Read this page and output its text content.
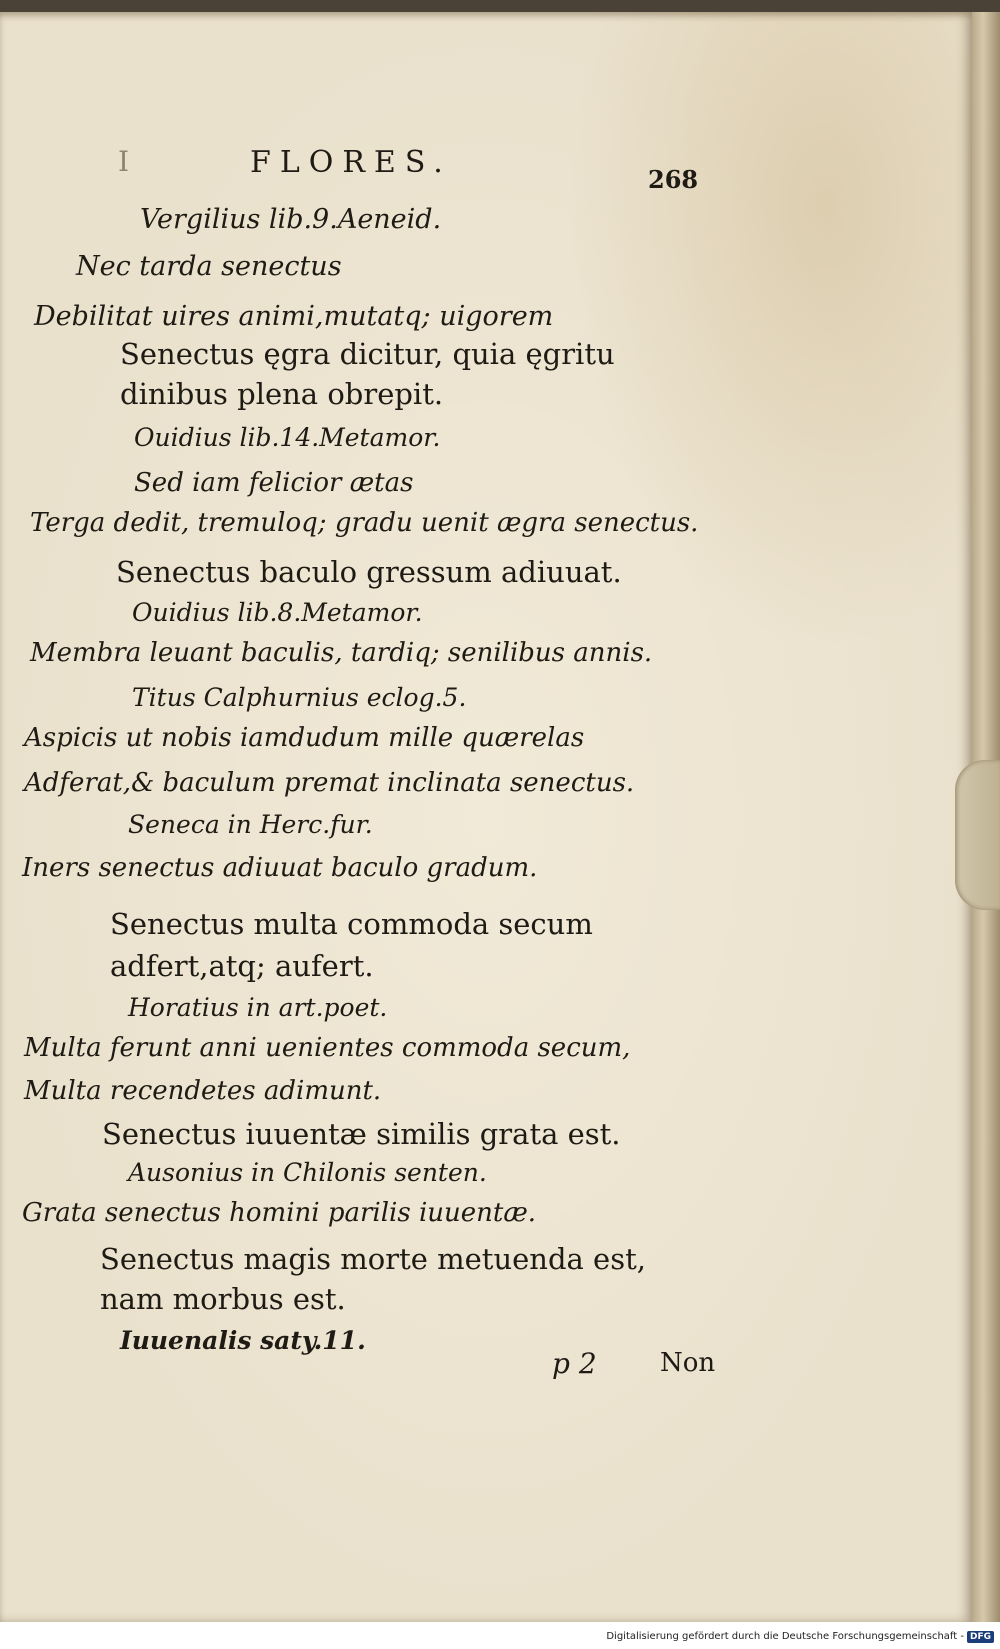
I	FLORES.	268
Vergilius lib.9.Aeneid.
Nec tarda senectus
Debilitat uires animi,mutatq; uigorem
Senectus ęgra dicitur, quia ęgritu
dinibus plena obrepit.
Ouidius lib.14.Metamor.
Sed iam felicior ætas
Terga dedit, tremuloq; gradu uenit ægra senectus.
Senectus baculo gressum adiuuat.
Ouidius lib.8.Metamor.
Membra leuant baculis, tardiq; senilibus annis.
Titus Calphurnius eclog.5.
Aspicis ut nobis iamdudum mille quærelas
Adferat,& baculum premat inclinata senectus.
Seneca in Herc.fur.
Iners senectus adiuuat baculo gradum.
Senectus multa commoda secum
adfert,atq; aufert.
Horatius in art.poet.
Multa ferunt anni uenientes commoda secum,
Multa recendetes adimunt.
Senectus iuuentæ similis grata est.
Ausonius in Chilonis senten.
Grata senectus homini parilis iuuentæ.
Senectus magis morte metuenda est,
nam morbus est.
Iuuenalis saty.11.
p 2 Non
Digitalisierung gefördert durch die Deutsche Forschungsgemeinschaft - DFG
